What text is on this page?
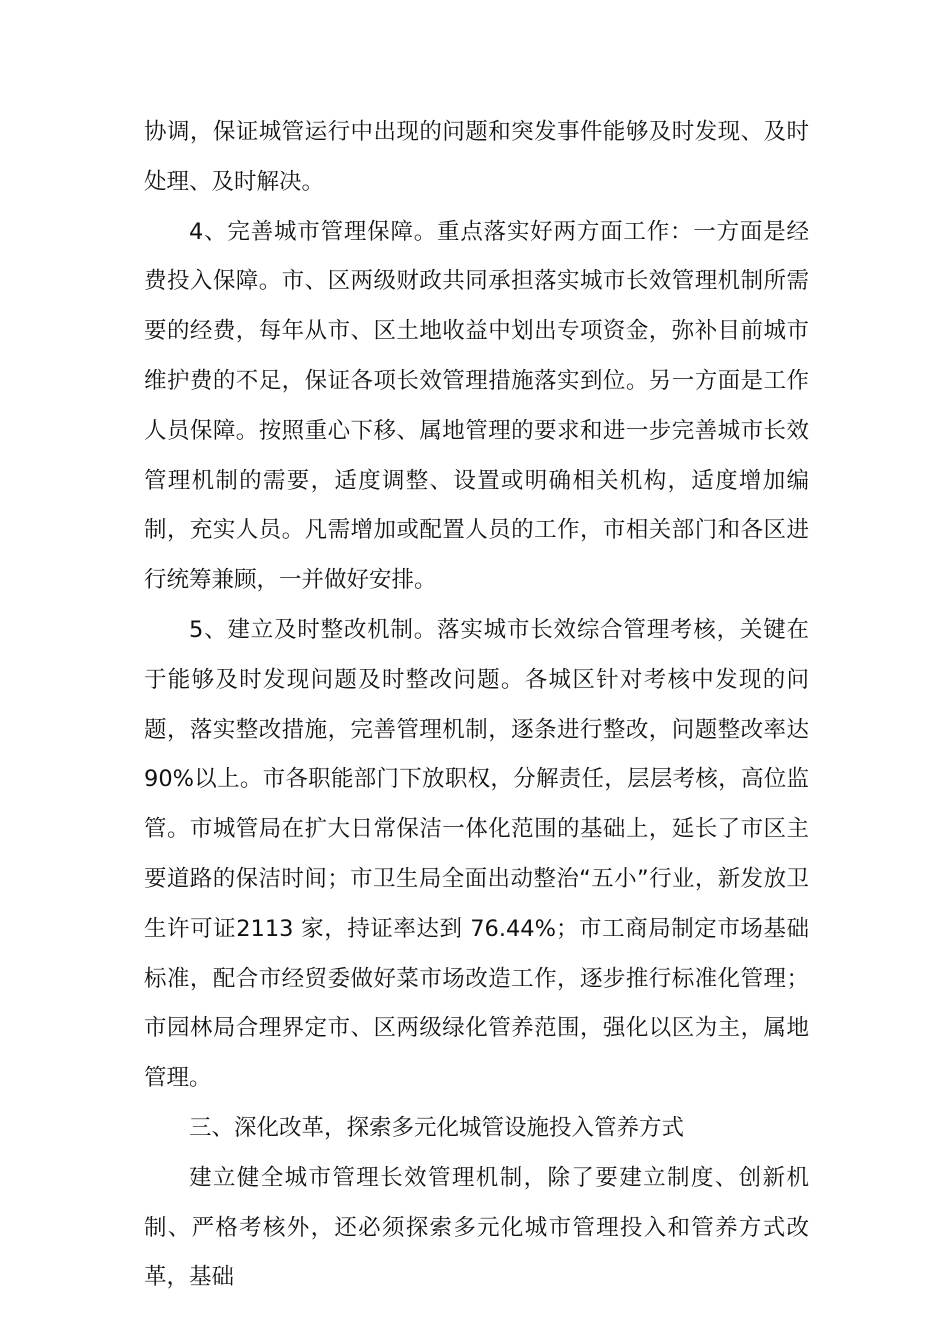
协调，保证城管运行中出现的问题和突发事件能够及时发现、及时处理、及时解决。

4、完善城市管理保障。重点落实好两方面工作：一方面是经费投入保障。市、区两级财政共同承担落实城市长效管理机制所需要的经费，每年从市、区土地收益中划出专项资金，弥补目前城市维护费的不足，保证各项长效管理措施落实到位。另一方面是工作人员保障。按照重心下移、属地管理的要求和进一步完善城市长效管理机制的需要，适度调整、设置或明确相关机构，适度增加编制，充实人员。凡需增加或配置人员的工作，市相关部门和各区进行统筹兼顾，一并做好安排。

5、建立及时整改机制。落实城市长效综合管理考核，关键在于能够及时发现问题及时整改问题。各城区针对考核中发现的问题，落实整改措施，完善管理机制，逐条进行整改，问题整改率达 90%以上。市各职能部门下放职权，分解责任，层层考核，高位监管。市城管局在扩大日常保洁一体化范围的基础上，延长了市区主要道路的保洁时间；市卫生局全面出动整治“五小”行业，新发放卫生许可证2113 家，持证率达到 76.44%；市工商局制定市场基础标准，配合市经贸委做好菜市场改造工作，逐步推行标准化管理；市园林局合理界定市、区两级绿化管养范围，强化以区为主，属地管理。

三、深化改革，探索多元化城管设施投入管养方式

建立健全城市管理长效管理机制，除了要建立制度、创新机制、严格考核外，还必须探索多元化城市管理投入和管养方式改革，基础
